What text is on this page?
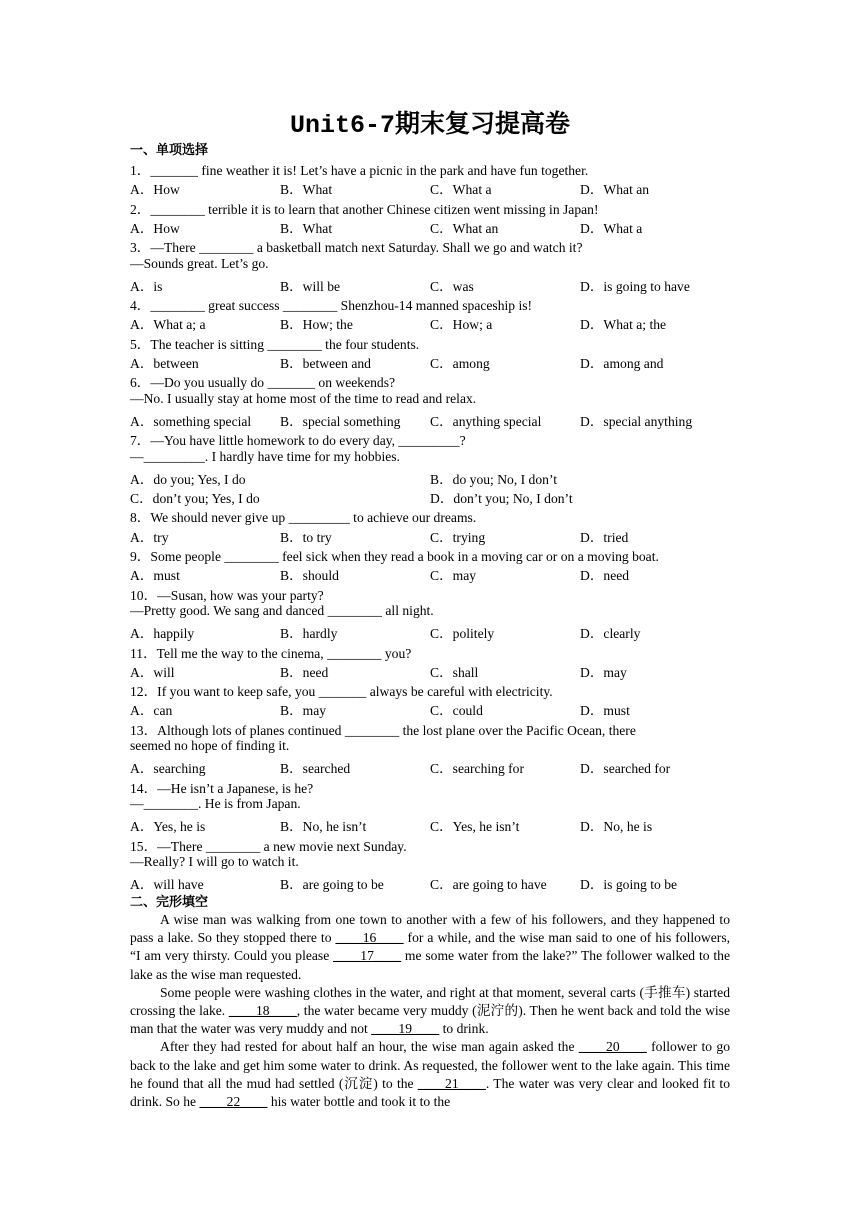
Unit6-7期末复习提高卷
一、单项选择
1．_______ fine weather it is! Let’s have a picnic in the park and have fun together.
A．How	B．What	C．What a	D．What an
2．________ terrible it is to learn that another Chinese citizen went missing in Japan!
A．How	B．What	C．What an	D．What a
3．—There ________ a basketball match next Saturday. Shall we go and watch it?
—Sounds great. Let’s go.
A．is	B．will be	C．was	D．is going to have
4．________ great success ________ Shenzhou-14 manned spaceship is!
A．What a; a	B．How; the	C．How; a	D．What a; the
5．The teacher is sitting ________ the four students.
A．between	B．between and	C．among	D．among and
6．—Do you usually do _______ on weekends?
—No. I usually stay at home most of the time to read and relax.
A．something special B．special something C．anything special	D．special anything
7．—You have little homework to do every day, _________?
—_________. I hardly have time for my hobbies.
A．do you; Yes, I do	B．do you; No, I don’t
C．don’t you; Yes, I do	D．don’t you; No, I don’t
8．We should never give up _________ to achieve our dreams.
A．try	B．to try	C．trying	D．tried
9．Some people ________ feel sick when they read a book in a moving car or on a moving boat.
A．must	B．should	C．may	D．need
10．—Susan, how was your party?
—Pretty good. We sang and danced ________ all night.
A．happily	B．hardly	C．politely	D．clearly
11．Tell me the way to the cinema, ________ you?
A．will	B．need	C．shall	D．may
12．If you want to keep safe, you _______ always be careful with electricity.
A．can	B．may	C．could	D．must
13．Although lots of planes continued ________ the lost plane over the Pacific Ocean, there
seemed no hope of finding it.
A．searching	B．searched	C．searching for	D．searched for
14．—He isn’t a Japanese, is he?
—________. He is from Japan.
A．Yes, he is	B．No, he isn’t	C．Yes, he isn’t	D．No, he is
15．—There ________ a new movie next Sunday.
—Really? I will go to watch it.
A．will have	B．are going to be	C．are going to have D．is going to be
二、完形填空

A wise man was walking from one town to another with a few of his followers, and they happened to pass a lake. So they stopped there to ____16____ for a while, and the wise man said to one of his followers, “I am very thirsty. Could you please ____17____ me some water from the lake?” The follower walked to the lake as the wise man requested.

Some people were washing clothes in the water, and right at that moment, several carts (手推车) started crossing the lake. ____18____, the water became very muddy (泥泞的). Then he went back and told the wise man that the water was very muddy and not ____19____ to drink.

After they had rested for about half an hour, the wise man again asked the ____20____ follower to go back to the lake and get him some water to drink. As requested, the follower went to the lake again. This time he found that all the mud had settled (沉淀) to the ____21____. The water was very clear and looked fit to drink. So he ____22____ his water bottle and took it to the
